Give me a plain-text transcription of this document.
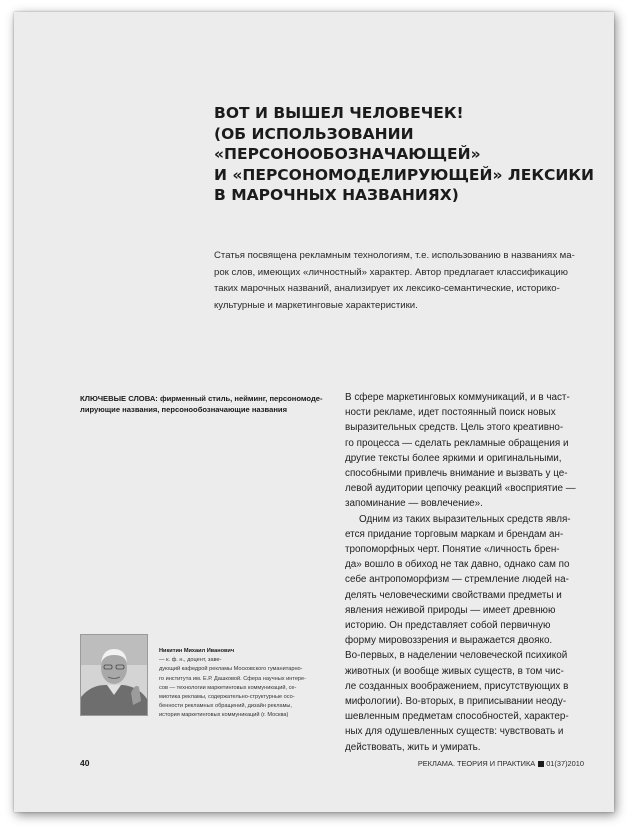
ВОТ И ВЫШЕЛ ЧЕЛОВЕЧЕК!
(ОБ ИСПОЛЬЗОВАНИИ
«ПЕРСОНООБОЗНАЧАЮЩЕЙ»
И «ПЕРСОНОМОДЕЛИРУЮЩЕЙ» ЛЕКСИКИ
В МАРОЧНЫХ НАЗВАНИЯХ)
Статья посвящена рекламным технологиям, т.е. использованию в названиях ма-
рок слов, имеющих «личностный» характер. Автор предлагает классификацию
таких марочных названий, анализирует их лексико-семантические, историко-
культурные и маркетинговые характеристики.
КЛЮЧЕВЫЕ СЛОВА: фирменный стиль, нейминг, персономоде-
лирующие названия, персонообозначающие названия
В сфере маркетинговых коммуникаций, и в част-
ности рекламе, идет постоянный поиск новых
выразительных средств. Цель этого креативно-
го процесса — сделать рекламные обращения и
другие тексты более яркими и оригинальными,
способными привлечь внимание и вызвать у це-
левой аудитории цепочку реакций «восприятие —
запоминание — вовлечение».
Одним из таких выразительных средств явля-
ется придание торговым маркам и брендам ан-
тропоморфных черт. Понятие «личность брен-
да» вошло в обиход не так давно, однако сам по
себе антропоморфизм — стремление людей на-
делять человеческими свойствами предметы и
явления неживой природы — имеет древнюю
историю. Он представляет собой первичную
форму мировоззрения и выражается двояко.
Во-первых, в наделении человеческой психикой
животных (и вообще живых существ, в том чис-
ле созданных воображением, присутствующих в
мифологии). Во-вторых, в приписывании неоду-
шевленным предметам способностей, характер-
ных для одушевленных существ: чувствовать и
действовать, жить и умирать.
Никитин Михаил Иванович
— к. ф. н., доцент, заве-
дующий кафедрой рекламы Московского гуманитарно-
го института им. Е.Р. Дашковой. Сфера научных интере-
сов — технологии маркетинговых коммуникаций, се-
миотика рекламы, содержательно-структурные осо-
бенности рекламных обращений, дизайн рекламы,
история маркетинговых коммуникаций (г. Москва)
40	РЕКЛАМА. ТЕОРИЯ И ПРАКТИКА 01(37)2010
